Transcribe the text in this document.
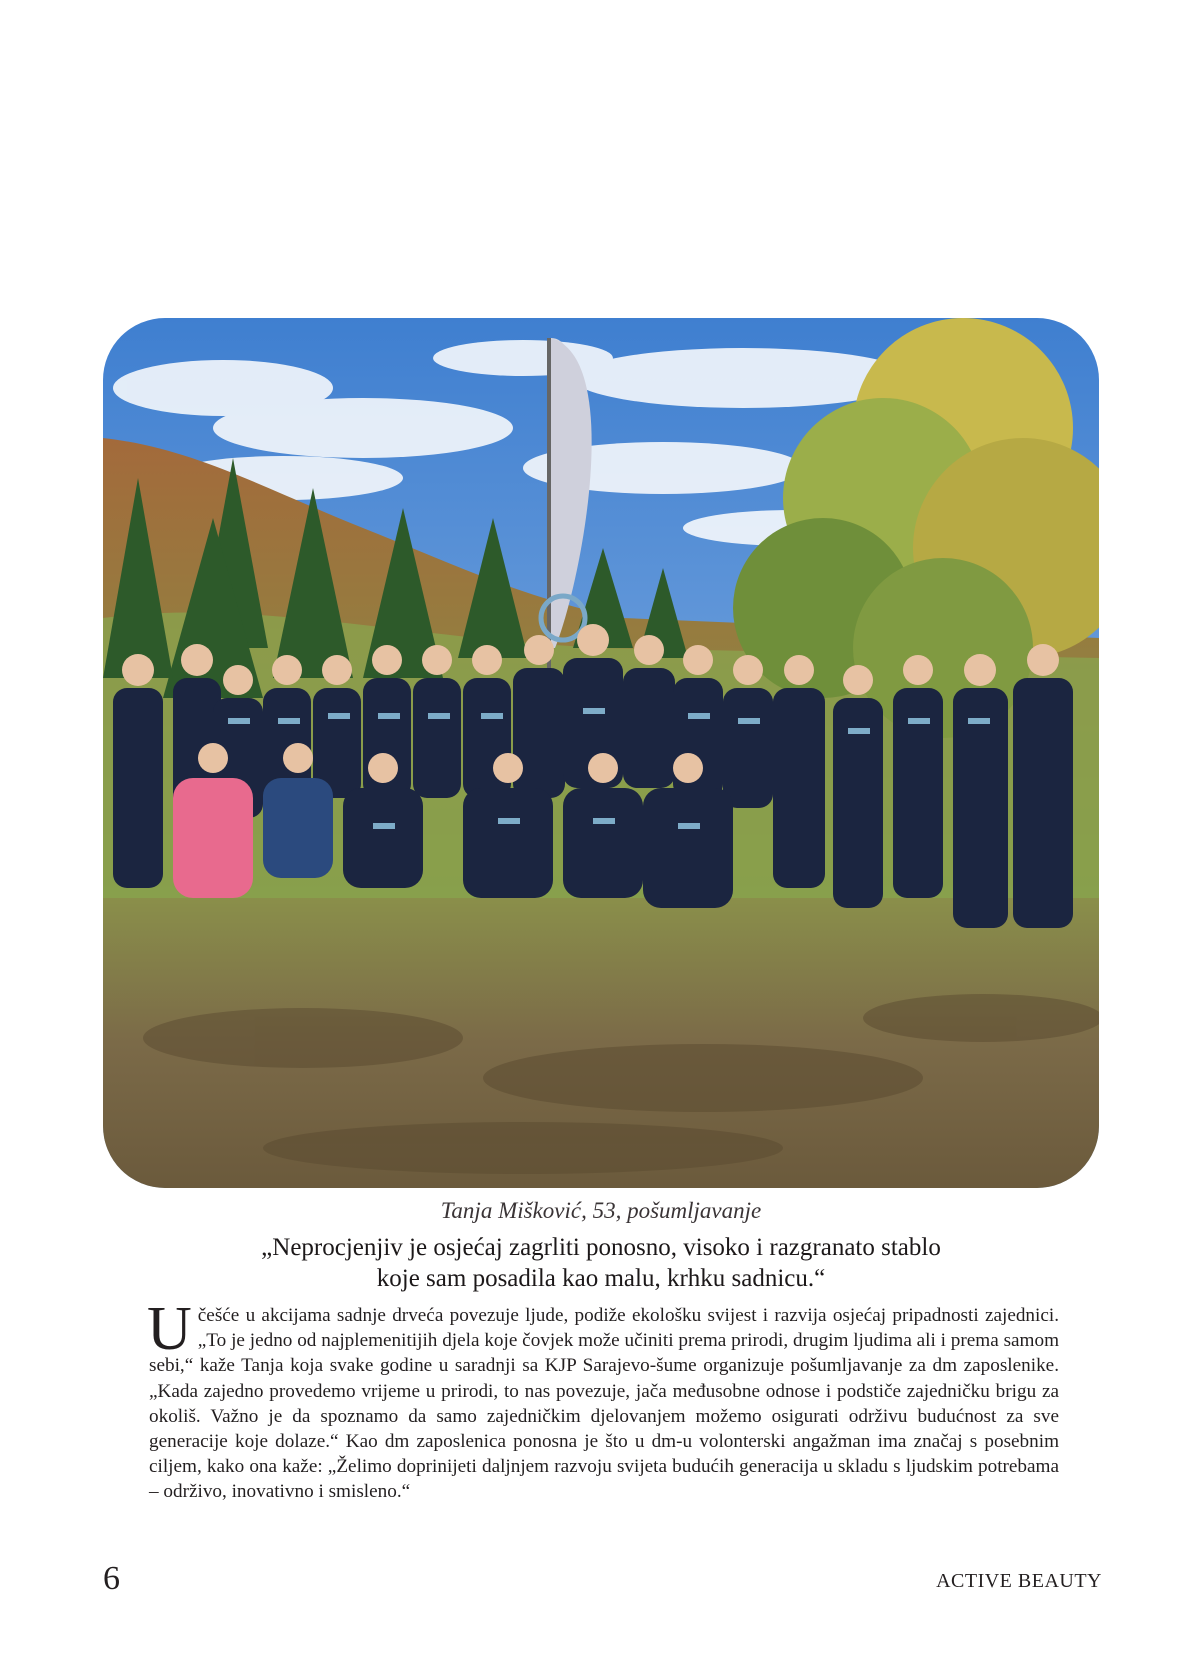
Tanja Mišković, 53, pošumljavanje
„Neprocjenjiv je osjećaj zagrliti ponosno, visoko i razgranato stablo
koje sam posadila kao malu, krhku sadnicu.“
Učešće u akcijama sadnje drveća povezuje ljude, podiže ekološku svijest i razvija osjećaj pripadnosti zajednici. „To je jedno od najplemenitijih djela koje čovjek može učiniti prema prirodi, drugim ljudima ali i prema samom sebi,“ kaže Tanja koja svake godine u saradnji sa KJP Sarajevo-šume organizuje pošumljavanje za dm zaposlenike. „Kada zajedno provedemo vrijeme u prirodi, to nas povezuje, jača međusobne odnose i podstiče zajedničku brigu za okoliš. Važno je da spoznamo da samo zajedničkim djelovanjem možemo osigurati održivu budućnost za sve generacije koje dolaze.“ Kao dm zaposlenica ponosna je što u dm-u volonterski angažman ima značaj s posebnim ciljem, kako ona kaže: „Želimo doprinijeti daljnjem razvoju svijeta budućih generacija u skladu s ljudskim potrebama – održivo, inovativno i smisleno.“
6	ACTIVE BEAUTY
